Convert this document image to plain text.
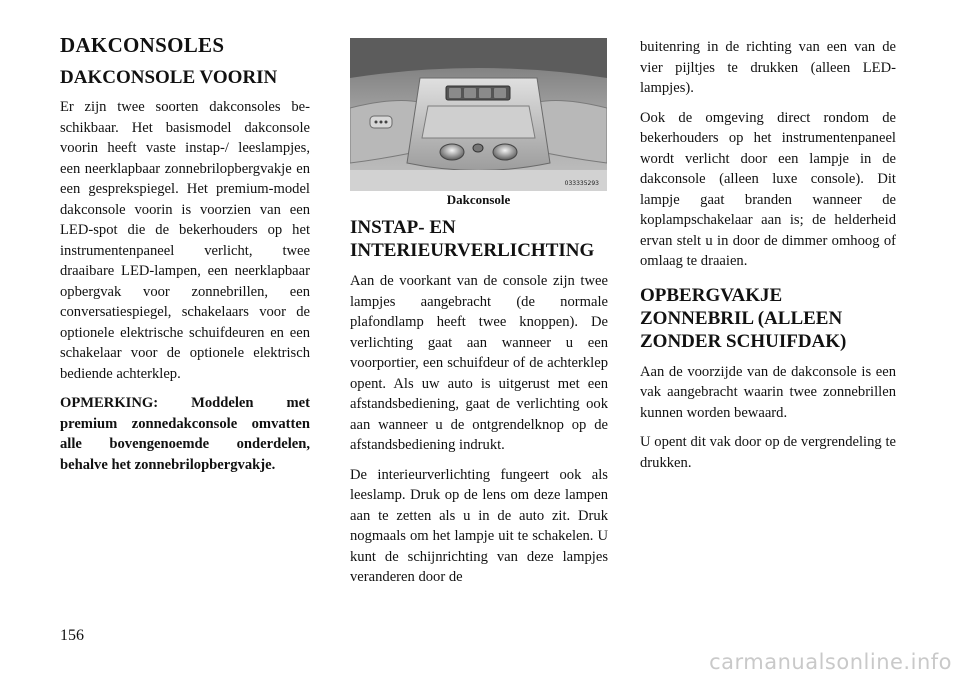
DAKCONSOLES
DAKCONSOLE VOORIN

Er zijn twee soorten dakconsoles beschikbaar. Het basismodel dakconsole voorin heeft vaste instap-/ leeslampjes, een neerklapbaar zonnebrilopbergvakje en een gesprekspiegel. Het premium-model dakconsole voorin is voorzien van een LED-spot die de bekerhouders op het instrumentenpaneel verlicht, twee draaibare LED-lampen, een neerklapbaar opbergvak voor zonnebrillen, een conversatiespiegel, schakelaars voor de optionele elektrische schuifdeuren en een schakelaar voor de optionele elektrisch bediende achterklep.

OPMERKING: Moddelen met premium zonnedakconsole omvatten alle bovengenoemde onderdelen, behalve het zonnebrilopbergvakje.

033335293
Dakconsole
INSTAP- EN INTERIEURVERLICHTING

Aan de voorkant van de console zijn twee lampjes aangebracht (de normale plafondlamp heeft twee knoppen). De verlichting gaat aan wanneer u een voorportier, een schuifdeur of de achterklep opent. Als uw auto is uitgerust met een afstandsbediening, gaat de verlichting ook aan wanneer u de ontgrendelknop op de afstandsbediening indrukt.

De interieurverlichting fungeert ook als leeslamp. Druk op de lens om deze lampen aan te zetten als u in de auto zit. Druk nogmaals om het lampje uit te schakelen. U kunt de schijnrichting van deze lampjes veranderen door de

buitenring in de richting van een van de vier pijltjes te drukken (alleen LED-lampjes).

Ook de omgeving direct rondom de bekerhouders op het instrumentenpaneel wordt verlicht door een lampje in de dakconsole (alleen luxe console). Dit lampje gaat branden wanneer de koplampschakelaar aan is; de helderheid ervan stelt u in door de dimmer omhoog of omlaag te draaien.

OPBERGVAKJE ZONNEBRIL (ALLEEN ZONDER SCHUIFDAK)

Aan de voorzijde van de dakconsole is een vak aangebracht waarin twee zonnebrillen kunnen worden bewaard.

U opent dit vak door op de vergrendeling te drukken.

156
carmanualsonline.info
